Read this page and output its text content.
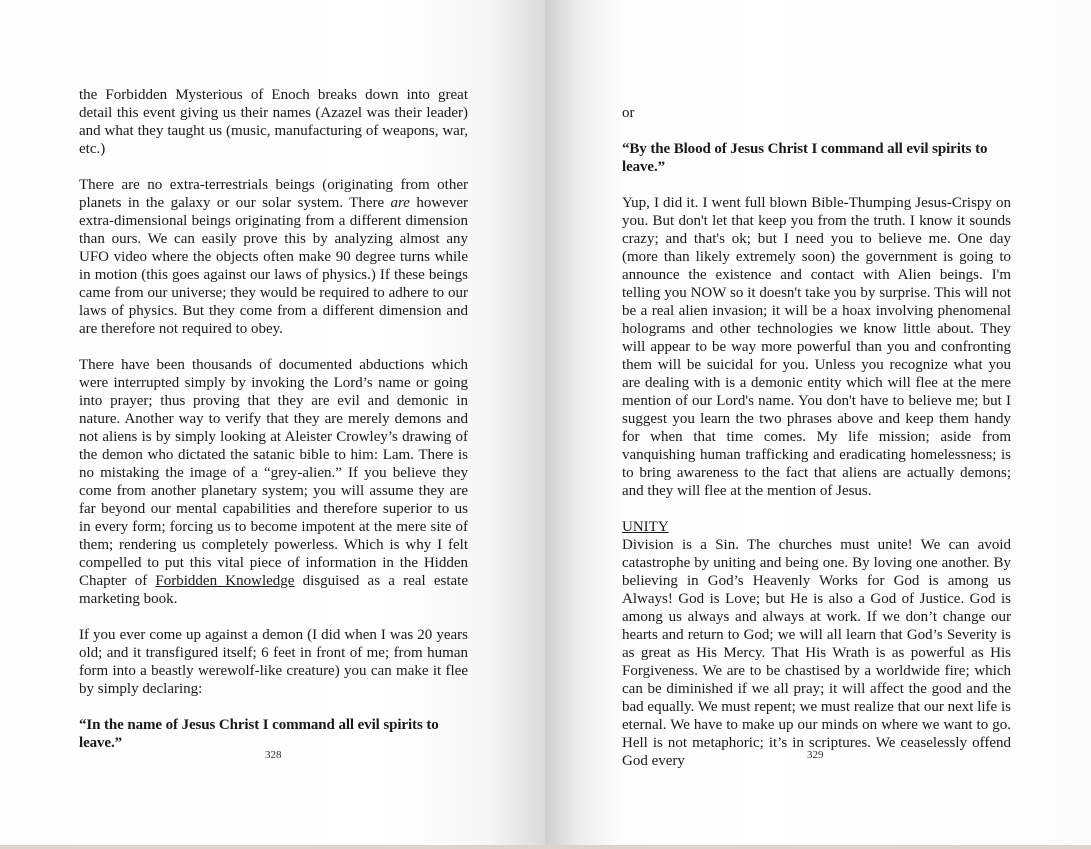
the Forbidden Mysterious of Enoch breaks down into great detail this event giving us their names (Azazel was their leader) and what they taught us (music, manufacturing of weapons, war, etc.)

There are no extra-terrestrials beings (originating from other planets in the galaxy or our solar system. There are however extra-dimensional beings originating from a different dimension than ours. We can easily prove this by analyzing almost any UFO video where the objects often make 90 degree turns while in motion (this goes against our laws of physics.) If these beings came from our universe; they would be required to adhere to our laws of physics. But they come from a different dimension and are therefore not required to obey.

There have been thousands of documented abductions which were interrupted simply by invoking the Lord’s name or going into prayer; thus proving that they are evil and demonic in nature. Another way to verify that they are merely demons and not aliens is by simply looking at Aleister Crowley’s drawing of the demon who dictated the satanic bible to him: Lam. There is no mistaking the image of a “grey-alien.” If you believe they come from another planetary system; you will assume they are far beyond our mental capabilities and therefore superior to us in every form; forcing us to become impotent at the mere site of them; rendering us completely powerless. Which is why I felt compelled to put this vital piece of information in the Hidden Chapter of Forbidden Knowledge disguised as a real estate marketing book.

If you ever come up against a demon (I did when I was 20 years old; and it transfigured itself; 6 feet in front of me; from human form into a beastly werewolf-like creature) you can make it flee by simply declaring:

“In the name of Jesus Christ I command all evil spirits to leave.”

328

or

“By the Blood of Jesus Christ I command all evil spirits to leave.”

Yup, I did it. I went full blown Bible-Thumping Jesus-Crispy on you. But don't let that keep you from the truth. I know it sounds crazy; and that's ok; but I need you to believe me. One day (more than likely extremely soon) the government is going to announce the existence and contact with Alien beings. I'm telling you NOW so it doesn't take you by surprise. This will not be a real alien invasion; it will be a hoax involving phenomenal holograms and other technologies we know little about. They will appear to be way more powerful than you and confronting them will be suicidal for you. Unless you recognize what you are dealing with is a demonic entity which will flee at the mere mention of our Lord's name. You don't have to believe me; but I suggest you learn the two phrases above and keep them handy for when that time comes. My life mission; aside from vanquishing human trafficking and eradicating homelessness; is to bring awareness to the fact that aliens are actually demons; and they will flee at the mention of Jesus.

UNITY

Division is a Sin. The churches must unite! We can avoid catastrophe by uniting and being one. By loving one another. By believing in God’s Heavenly Works for God is among us Always! God is Love; but He is also a God of Justice. God is among us always and always at work. If we don’t change our hearts and return to God; we will all learn that God’s Severity is as great as His Mercy. That His Wrath is as powerful as His Forgiveness. We are to be chastised by a worldwide fire; which can be diminished if we all pray; it will affect the good and the bad equally. We must repent; we must realize that our next life is eternal. We have to make up our minds on where we want to go. Hell is not metaphoric; it’s in scriptures. We ceaselessly offend God every	329
